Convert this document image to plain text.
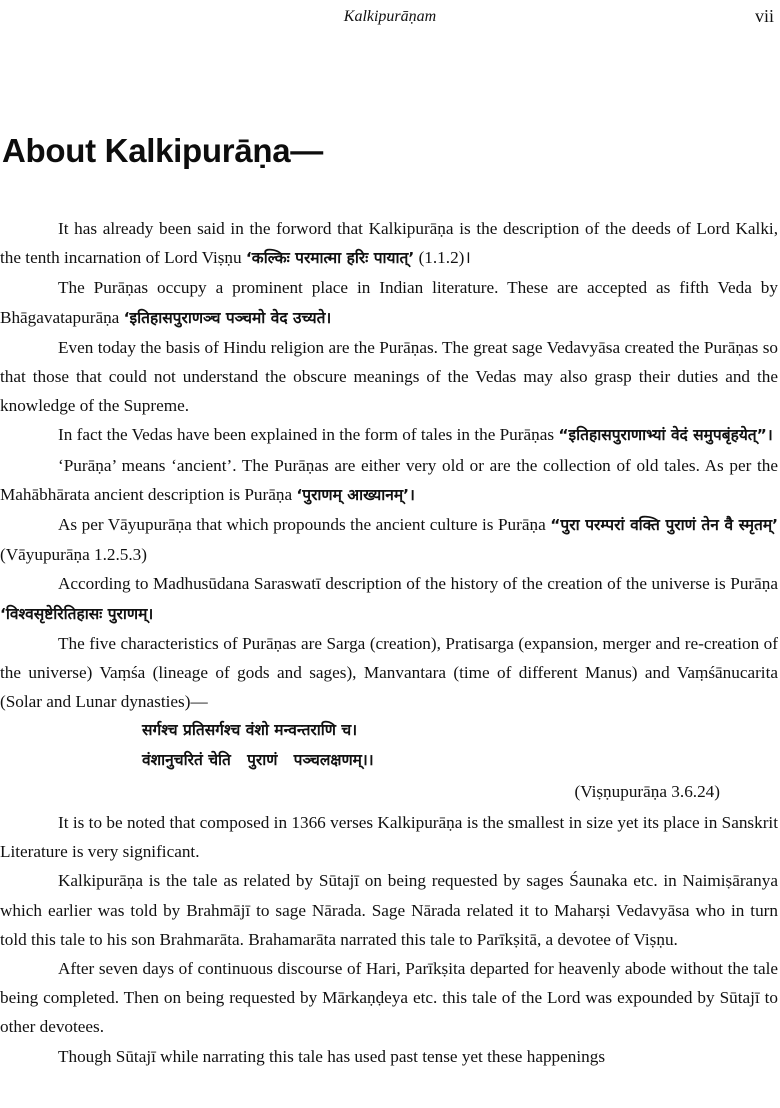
Kalkipurāṇam	vii
About Kalkipurāṇa—

It has already been said in the forword that Kalkipurāṇa is the description of the deeds of Lord Kalki, the tenth incarnation of Lord Viṣṇu ‘कल्किः परमात्मा हरिः पायात्’ (1.1.2)।

The Purāṇas occupy a prominent place in Indian literature. These are accepted as fifth Veda by Bhāgavatapurāṇa ‘इतिहासपुराणञ्च पञ्चमो वेद उच्यते।

Even today the basis of Hindu religion are the Purāṇas. The great sage Vedavyāsa created the Purāṇas so that those that could not understand the obscure meanings of the Vedas may also grasp their duties and the knowledge of the Supreme.

In fact the Vedas have been explained in the form of tales in the Purāṇas “इतिहासपुराणाभ्यां वेदं समुपबृंहयेत्”।

‘Purāṇa’ means ‘ancient’. The Purāṇas are either very old or are the collection of old tales. As per the Mahābhārata ancient description is Purāṇa ‘पुराणम् आख्यानम्’।

As per Vāyupurāṇa that which propounds the ancient culture is Purāṇa “पुरा परम्परां वक्ति पुराणं तेन वै स्मृतम्’ (Vāyupurāṇa 1.2.5.3)

According to Madhusūdana Saraswatī description of the history of the creation of the universe is Purāṇa ‘विश्वसृष्टेरितिहासः पुराणम्।

The five characteristics of Purāṇas are Sarga (creation), Pratisarga (expansion, merger and re-creation of the universe) Vaṃśa (lineage of gods and sages), Manvantara (time of different Manus) and Vaṃśānucarita (Solar and Lunar dynasties)—

सर्गश्च प्रतिसर्गश्च वंशो मन्वन्तराणि च।
वंशानुचरितं चेति   पुराणं   पञ्चलक्षणम्।।
(Viṣṇupurāṇa 3.6.24)

It is to be noted that composed in 1366 verses Kalkipurāṇa is the smallest in size yet its place in Sanskrit Literature is very significant.

Kalkipurāṇa is the tale as related by Sūtajī on being requested by sages Śaunaka etc. in Naimiṣāranya which earlier was told by Brahmājī to sage Nārada. Sage Nārada related it to Maharṣi Vedavyāsa who in turn told this tale to his son Brahmarāta. Brahamarāta narrated this tale to Parīkṣitā, a devotee of Viṣṇu.

After seven days of continuous discourse of Hari, Parīkṣita departed for heavenly abode without the tale being completed. Then on being requested by Mārkaṇḍeya etc. this tale of the Lord was expounded by Sūtajī to other devotees.

Though Sūtajī while narrating this tale has used past tense yet these happenings
